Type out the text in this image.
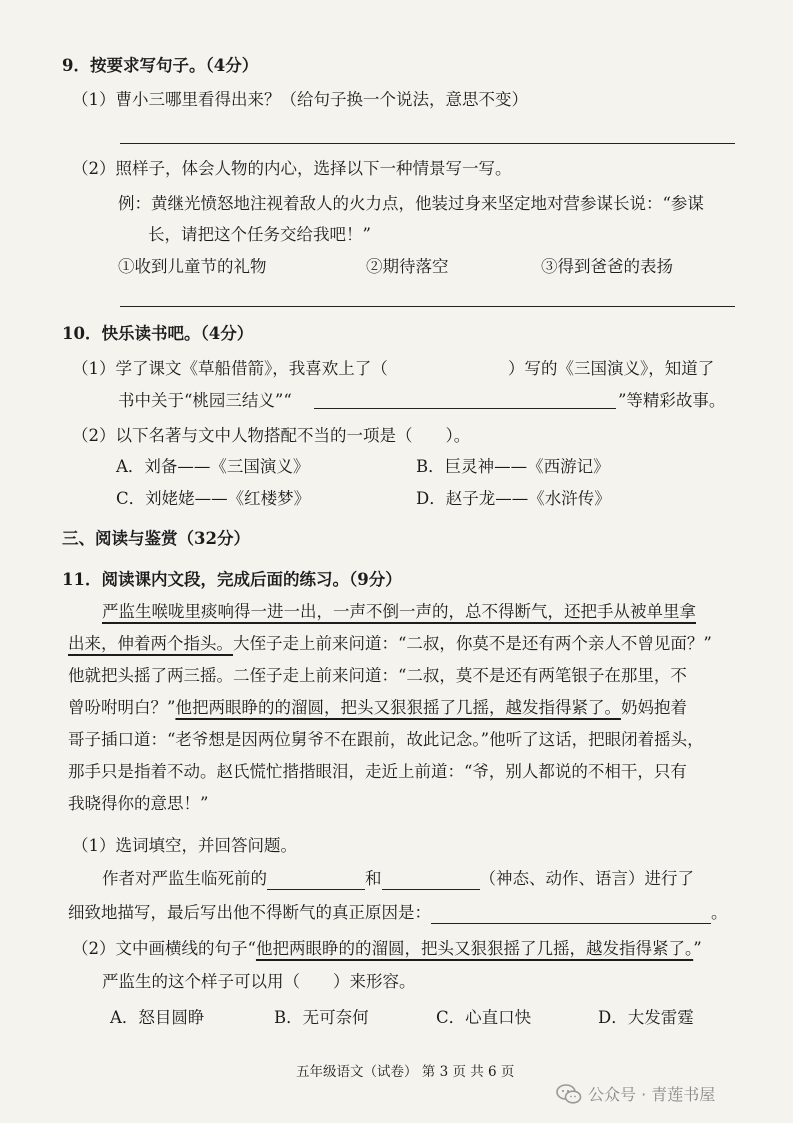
9．按要求写句子。（4分）
（1）曹小三哪里看得出来？（给句子换一个说法，意思不变）
（2）照样子，体会人物的内心，选择以下一种情景写一写。
例：黄继光愤怒地注视着敌人的火力点，他装过身来坚定地对营参谋长说：“参谋
长，请把这个任务交给我吧！”
①收到儿童节的礼物	②期待落空	③得到爸爸的表扬
10．快乐读书吧。（4分）
（1）学了课文《草船借箭》，我喜欢上了（	）写的《三国演义》，知道了
书中关于“桃园三结义”“	”等精彩故事。
（2）以下名著与文中人物搭配不当的一项是（　　）。
A．刘备——《三国演义》	B．巨灵神——《西游记》
C．刘姥姥——《红楼梦》	D．赵子龙——《水浒传》
三、阅读与鉴赏（32分）
11．阅读课内文段，完成后面的练习。（9分）
严监生喉咙里痰响得一进一出，一声不倒一声的，总不得断气，还把手从被单里拿
出来，伸着两个指头。大侄子走上前来问道：“二叔，你莫不是还有两个亲人不曾见面？”
他就把头摇了两三摇。二侄子走上前来问道：“二叔，莫不是还有两笔银子在那里，不
曾吩咐明白？”他把两眼睁的的溜圆，把头又狠狠摇了几摇，越发指得紧了。奶妈抱着
哥子插口道：“老爷想是因两位舅爷不在跟前，故此记念。”他听了这话，把眼闭着摇头，
那手只是指着不动。赵氏慌忙揩揩眼泪，走近上前道：“爷，别人都说的不相干，只有
我晓得你的意思！”
（1）选词填空，并回答问题。
作者对严监生临死前的	和	（神态、动作、语言）进行了
细致地描写，最后写出他不得断气的真正原因是：	。
（2）文中画横线的句子“他把两眼睁的的溜圆，把头又狠狠摇了几摇，越发指得紧了。”
严监生的这个样子可以用（　　）来形容。
A．怒目圆睁	B．无可奈何	C．心直口快	D．大发雷霆
五年级语文（试卷） 第 3 页 共 6 页
公众号 · 青莲书屋
